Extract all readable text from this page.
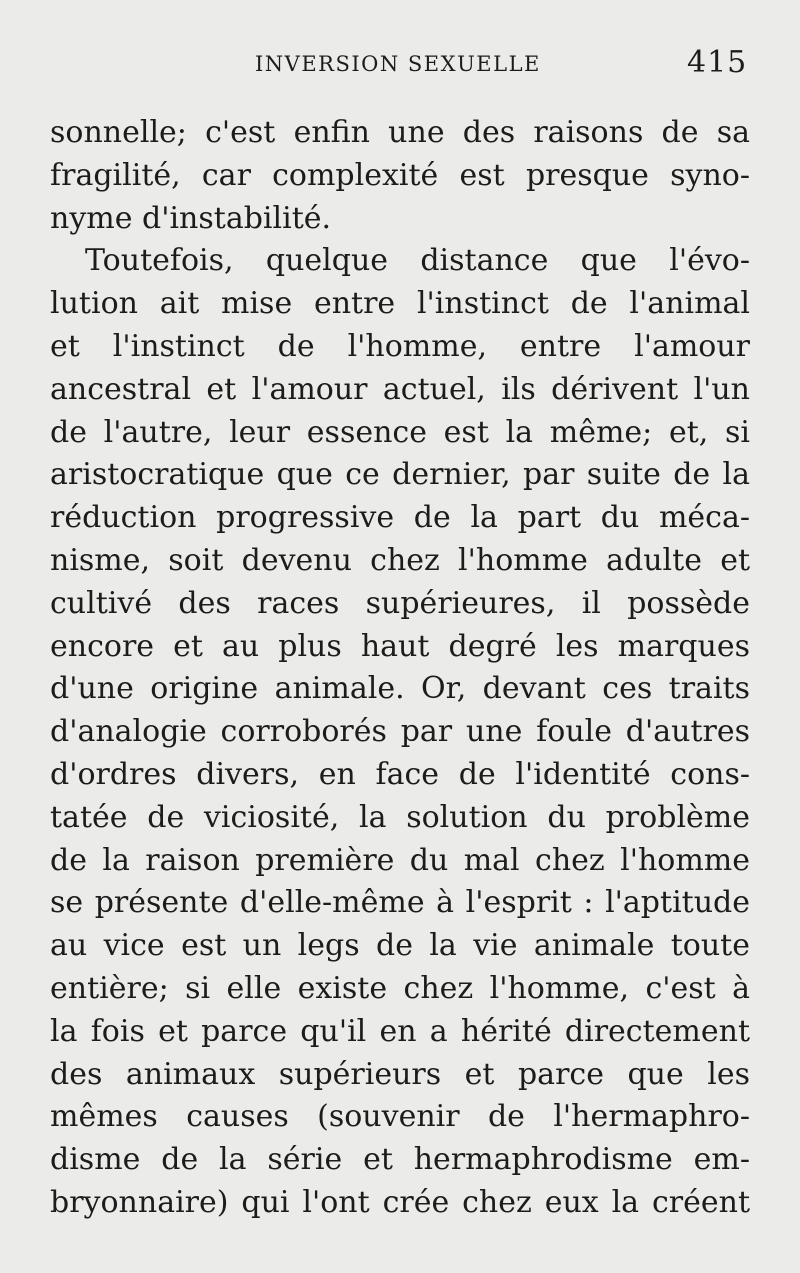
INVERSION SEXUELLE	415
sonnelle; c'est enfin une des raisons de sa
fragilité, car complexité est presque syno-
nyme d'instabilité.
Toutefois, quelque distance que l'évo-
lution ait mise entre l'instinct de l'animal
et l'instinct de l'homme, entre l'amour
ancestral et l'amour actuel, ils dérivent l'un
de l'autre, leur essence est la même; et, si
aristocratique que ce dernier, par suite de la
réduction progressive de la part du méca-
nisme, soit devenu chez l'homme adulte et
cultivé des races supérieures, il possède
encore et au plus haut degré les marques
d'une origine animale. Or, devant ces traits
d'analogie corroborés par une foule d'autres
d'ordres divers, en face de l'identité cons-
tatée de viciosité, la solution du problème
de la raison première du mal chez l'homme
se présente d'elle-même à l'esprit : l'aptitude
au vice est un legs de la vie animale toute
entière; si elle existe chez l'homme, c'est à
la fois et parce qu'il en a hérité directement
des animaux supérieurs et parce que les
mêmes causes (souvenir de l'hermaphro-
disme de la série et hermaphrodisme em-
bryonnaire) qui l'ont crée chez eux la créent
